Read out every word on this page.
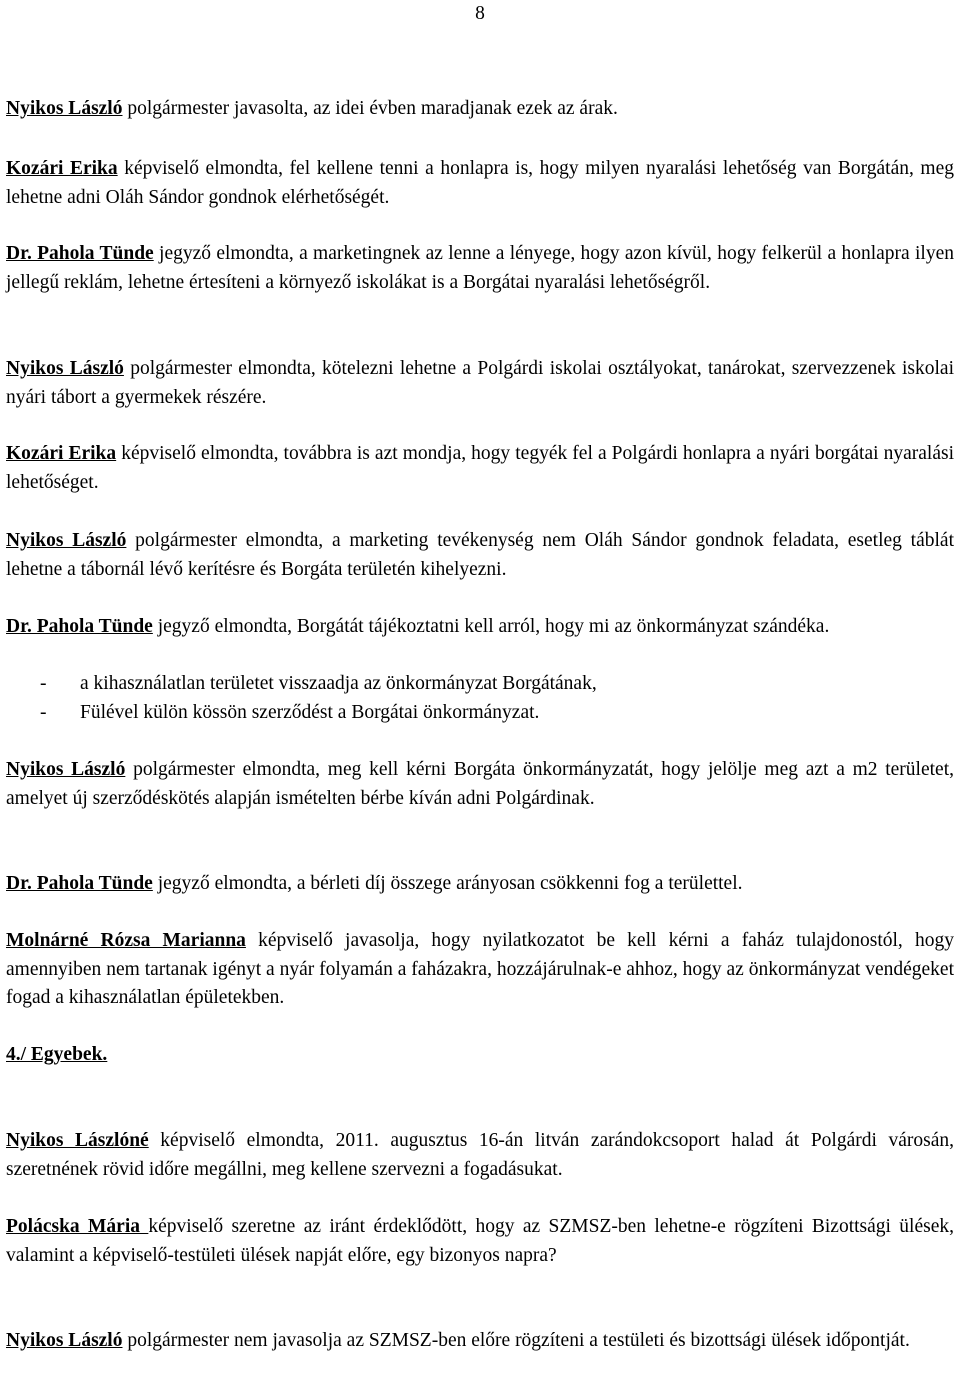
8

Nyikos László polgármester javasolta, az idei évben maradjanak ezek az árak.

Kozári Erika képviselő elmondta, fel kellene tenni a honlapra is, hogy milyen nyaralási lehetőség van Borgátán, meg lehetne adni Oláh Sándor gondnok elérhetőségét.

Dr. Pahola Tünde jegyző elmondta, a marketingnek az lenne a lényege, hogy azon kívül, hogy felkerül a honlapra ilyen jellegű reklám, lehetne értesíteni a környező iskolákat is a Borgátai nyaralási lehetőségről.

Nyikos László polgármester elmondta, kötelezni lehetne a Polgárdi iskolai osztályokat, tanárokat, szervezzenek iskolai nyári tábort a gyermekek részére.

Kozári Erika képviselő elmondta, továbbra is azt mondja, hogy tegyék fel a Polgárdi honlapra a nyári borgátai nyaralási lehetőséget.

Nyikos László polgármester elmondta, a marketing tevékenység nem Oláh Sándor gondnok feladata, esetleg táblát lehetne a tábornál lévő kerítésre és Borgáta területén kihelyezni.

Dr. Pahola Tünde jegyző elmondta, Borgátát tájékoztatni kell arról, hogy mi az önkormányzat szándéka.

- a kihasználatlan területet visszaadja az önkormányzat Borgátának,
- Fülével külön kössön szerződést a Borgátai önkormányzat.

Nyikos László polgármester elmondta, meg kell kérni Borgáta önkormányzatát, hogy jelölje meg azt a m2 területet, amelyet új szerződéskötés alapján ismételten bérbe kíván adni Polgárdinak.

Dr. Pahola Tünde jegyző elmondta, a bérleti díj összege arányosan csökkenni fog a területtel.

Molnárné Rózsa Marianna képviselő javasolja, hogy nyilatkozatot be kell kérni a faház tulajdonostól, hogy amennyiben nem tartanak igényt a nyár folyamán a faházakra, hozzájárulnak-e ahhoz, hogy az önkormányzat vendégeket fogad a kihasználatlan épületekben.

4./ Egyebek.

Nyikos Lászlóné képviselő elmondta, 2011. augusztus 16-án litván zarándokcsoport halad át Polgárdi városán, szeretnének rövid időre megállni, meg kellene szervezni a fogadásukat.

Polácska Mária képviselő szeretne az iránt érdeklődött, hogy az SZMSZ-ben lehetne-e rögzíteni Bizottsági ülések, valamint a képviselő-testületi ülések napját előre, egy bizonyos napra?

Nyikos László polgármester nem javasolja az SZMSZ-ben előre rögzíteni a testületi és bizottsági ülések időpontját.
